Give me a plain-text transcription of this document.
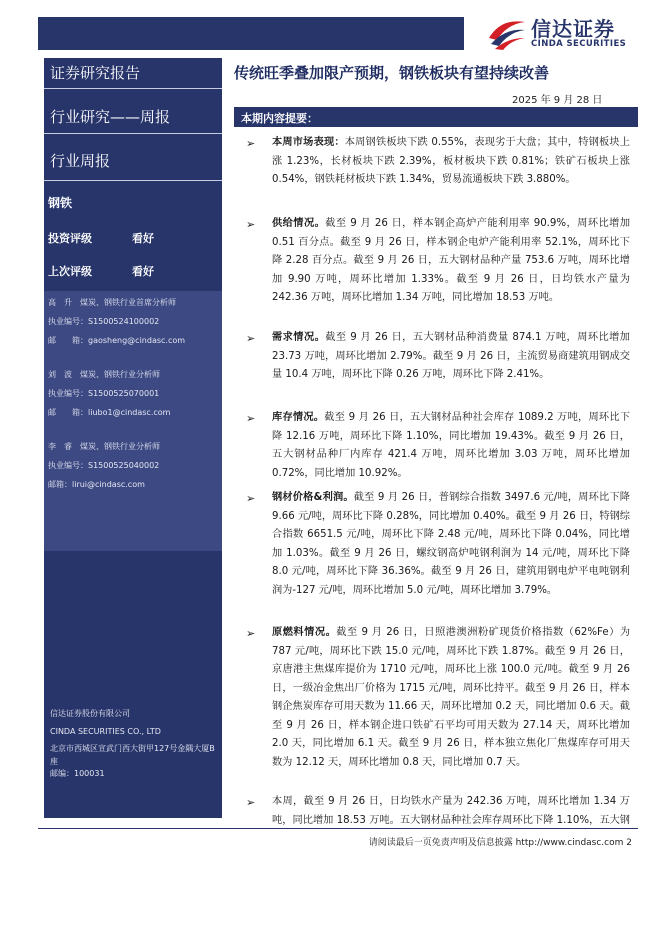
信达证券
CINDA SECURITIES
证券研究报告
行业研究——周报
行业周报
钢铁
投资评级	看好
上次评级	看好
高　升　煤炭、钢铁行业首席分析师
执业编号：S1500524100002
邮　　箱：gaosheng@cindasc.com
刘　波　煤炭、钢铁行业分析师
执业编号：S1500525070001
邮　　箱：liubo1@cindasc.com
李　睿　煤炭、钢铁行业分析师
执业编号：S1500525040002
邮箱：lirui@cindasc.com
信达证券股份有限公司
CINDA SECURITIES CO., LTD
北京市西城区宣武门西大街甲127号金隅大厦B座
邮编：100031
传统旺季叠加限产预期，钢铁板块有望持续改善
2025 年 9 月 28 日
本期内容提要：
➢ 本周市场表现：本周钢铁板块下跌 0.55%，表现劣于大盘；其中，特钢板块上涨 1.23%，长材板块下跌 2.39%，板材板块下跌 0.81%；铁矿石板块上涨 0.54%，钢铁耗材板块下跌 1.34%，贸易流通板块下跌 3.880%。
➢ 供给情况。截至 9 月 26 日，样本钢企高炉产能利用率 90.9%，周环比增加 0.51 百分点。截至 9 月 26 日，样本钢企电炉产能利用率 52.1%，周环比下降 2.28 百分点。截至 9 月 26 日，五大钢材品种产量 753.6 万吨，周环比增加 9.90 万吨，周环比增加 1.33%。截至 9 月 26 日，日均铁水产量为 242.36 万吨，周环比增加 1.34 万吨，同比增加 18.53 万吨。
➢ 需求情况。截至 9 月 26 日，五大钢材品种消费量 874.1 万吨，周环比增加 23.73 万吨，周环比增加 2.79%。截至 9 月 26 日，主流贸易商建筑用钢成交量 10.4 万吨，周环比下降 0.26 万吨，周环比下降 2.41%。
➢ 库存情况。截至 9 月 26 日，五大钢材品种社会库存 1089.2 万吨，周环比下降 12.16 万吨，周环比下降 1.10%，同比增加 19.43%。截至 9 月 26 日，五大钢材品种厂内库存 421.4 万吨，周环比增加 3.03 万吨，周环比增加 0.72%，同比增加 10.92%。
➢ 钢材价格&利润。截至 9 月 26 日，普钢综合指数 3497.6 元/吨，周环比下降 9.66 元/吨，周环比下降 0.28%，同比增加 0.40%。截至 9 月 26 日，特钢综合指数 6651.5 元/吨，周环比下降 2.48 元/吨，周环比下降 0.04%，同比增加 1.03%。截至 9 月 26 日，螺纹钢高炉吨钢利润为 14 元/吨，周环比下降 8.0 元/吨，周环比下降 36.36%。截至 9 月 26 日，建筑用钢电炉平电吨钢利润为-127 元/吨，周环比增加 5.0 元/吨，周环比增加 3.79%。
➢ 原燃料情况。截至 9 月 26 日，日照港澳洲粉矿现货价格指数（62%Fe）为 787 元/吨，周环比下跌 15.0 元/吨，周环比下跌 1.87%。截至 9 月 26 日，京唐港主焦煤库提价为 1710 元/吨，周环比上涨 100.0 元/吨。截至 9 月 26 日，一级冶金焦出厂价格为 1715 元/吨，周环比持平。截至 9 月 26 日，样本钢企焦炭库存可用天数为 11.66 天，周环比增加 0.2 天，同比增加 0.6 天。截至 9 月 26 日，样本钢企进口铁矿石平均可用天数为 27.14 天，周环比增加 2.0 天，同比增加 6.1 天。截至 9 月 26 日，样本独立焦化厂焦煤库存可用天数为 12.12 天，周环比增加 0.8 天，同比增加 0.7 天。
➢ 本周，截至 9 月 26 日，日均铁水产量为 242.36 万吨，周环比增加 1.34 万吨，同比增加 18.53 万吨。五大钢材品种社会库存周环比下降 1.10%，五大钢
请阅读最后一页免责声明及信息披露 http://www.cindasc.com 2
